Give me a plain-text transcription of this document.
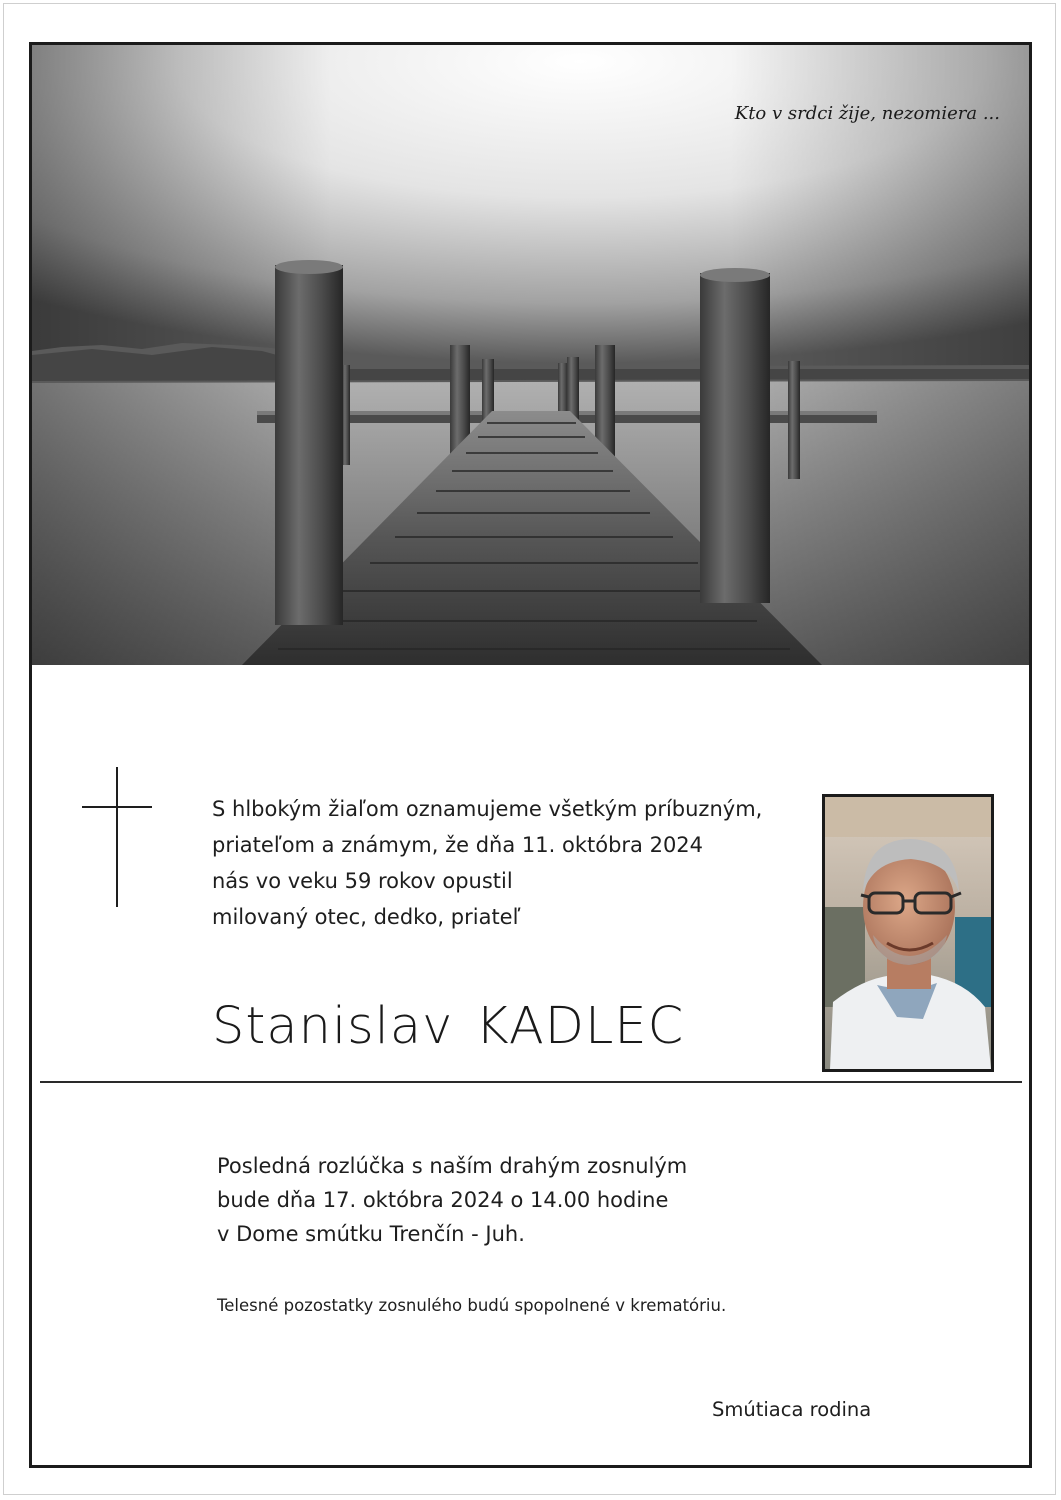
Kto v srdci žije, nezomiera ...
S hlbokým žiaľom oznamujeme všetkým príbuzným,
priateľom a známym, že dňa 11. októbra 2024
nás vo veku 59 rokov opustil
milovaný otec, dedko, priateľ
Stanislav KADLEC
Posledná rozlúčka s naším drahým zosnulým
bude dňa 17. októbra 2024 o 14.00 hodine
v Dome smútku Trenčín - Juh.
Telesné pozostatky zosnulého budú spopolnené v krematóriu.
Smútiaca rodina
